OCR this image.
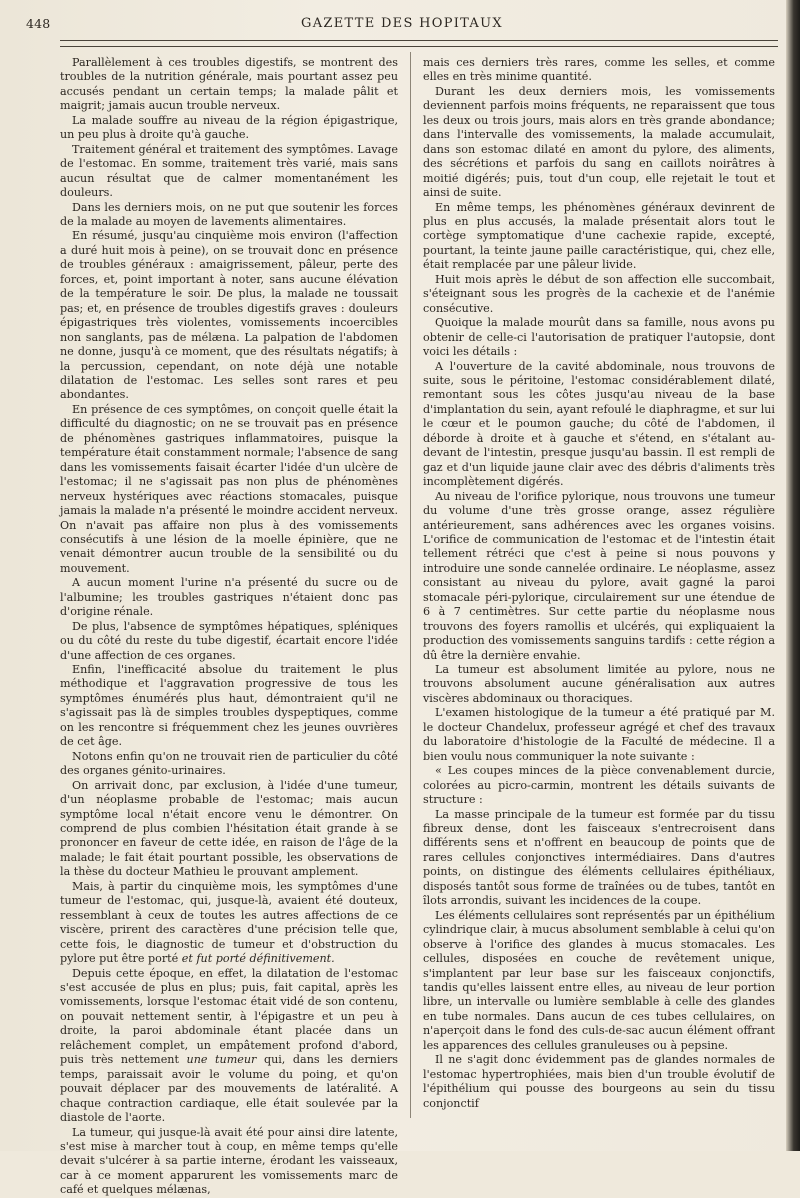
448	GAZETTE DES HOPITAUX

Parallèlement à ces troubles digestifs, se montrent des troubles de la nutrition générale, mais pourtant assez peu accusés pendant un certain temps; la malade pâlit et maigrit; jamais aucun trouble nerveux.

La malade souffre au niveau de la région épigastrique, un peu plus à droite qu'à gauche.

Traitement général et traitement des symptômes. Lavage de l'estomac. En somme, traitement très varié, mais sans aucun résultat que de calmer momentanément les douleurs.

Dans les derniers mois, on ne put que soutenir les forces de la malade au moyen de lavements alimentaires.

En résumé, jusqu'au cinquième mois environ (l'affection a duré huit mois à peine), on se trouvait donc en présence de troubles généraux : amaigrissement, pâleur, perte des forces, et, point important à noter, sans aucune élévation de la température le soir. De plus, la malade ne toussait pas; et, en présence de troubles digestifs graves : douleurs épigastriques très violentes, vomissements incoercibles non sanglants, pas de mélæna. La palpation de l'abdomen ne donne, jusqu'à ce moment, que des résultats négatifs; à la percussion, cependant, on note déjà une notable dilatation de l'estomac. Les selles sont rares et peu abondantes.

En présence de ces symptômes, on conçoit quelle était la difficulté du diagnostic; on ne se trouvait pas en présence de phénomènes gastriques inflammatoires, puisque la température était constamment normale; l'absence de sang dans les vomissements faisait écarter l'idée d'un ulcère de l'estomac; il ne s'agissait pas non plus de phénomènes nerveux hystériques avec réactions stomacales, puisque jamais la malade n'a présenté le moindre accident nerveux. On n'avait pas affaire non plus à des vomissements consécutifs à une lésion de la moelle épinière, que ne venait démontrer aucun trouble de la sensibilité ou du mouvement.

A aucun moment l'urine n'a présenté du sucre ou de l'albumine; les troubles gastriques n'étaient donc pas d'origine rénale.

De plus, l'absence de symptômes hépatiques, spléniques ou du côté du reste du tube digestif, écartait encore l'idée d'une affection de ces organes.

Enfin, l'inefficacité absolue du traitement le plus méthodique et l'aggravation progressive de tous les symptômes énumérés plus haut, démontraient qu'il ne s'agissait pas là de simples troubles dyspeptiques, comme on les rencontre si fréquemment chez les jeunes ouvrières de cet âge.

Notons enfin qu'on ne trouvait rien de particulier du côté des organes génito-urinaires.

On arrivait donc, par exclusion, à l'idée d'une tumeur, d'un néoplasme probable de l'estomac; mais aucun symptôme local n'était encore venu le démontrer. On comprend de plus combien l'hésitation était grande à se prononcer en faveur de cette idée, en raison de l'âge de la malade; le fait était pourtant possible, les observations de la thèse du docteur Mathieu le prouvant amplement.

Mais, à partir du cinquième mois, les symptômes d'une tumeur de l'estomac, qui, jusque-là, avaient été douteux, ressemblant à ceux de toutes les autres affections de ce viscère, prirent des caractères d'une précision telle que, cette fois, le diagnostic de tumeur et d'obstruction du pylore put être porté et fut porté définitivement.

Depuis cette époque, en effet, la dilatation de l'estomac s'est accusée de plus en plus; puis, fait capital, après les vomissements, lorsque l'estomac était vidé de son contenu, on pouvait nettement sentir, à l'épigastre et un peu à droite, la paroi abdominale étant placée dans un relâchement complet, un empâtement profond d'abord, puis très nettement une tumeur qui, dans les derniers temps, paraissait avoir le volume du poing, et qu'on pouvait déplacer par des mouvements de latéralité. A chaque contraction cardiaque, elle était soulevée par la diastole de l'aorte.

La tumeur, qui jusque-là avait été pour ainsi dire latente, s'est mise à marcher tout à coup, en même temps qu'elle devait s'ulcérer à sa partie interne, érodant les vaisseaux, car à ce moment apparurent les vomissements marc de café et quelques mélænas,

mais ces derniers très rares, comme les selles, et comme elles en très minime quantité.

Durant les deux derniers mois, les vomissements deviennent parfois moins fréquents, ne reparaissent que tous les deux ou trois jours, mais alors en très grande abondance; dans l'intervalle des vomissements, la malade accumulait, dans son estomac dilaté en amont du pylore, des aliments, des sécrétions et parfois du sang en caillots noirâtres à moitié digérés; puis, tout d'un coup, elle rejetait le tout et ainsi de suite.

En même temps, les phénomènes généraux devinrent de plus en plus accusés, la malade présentait alors tout le cortège symptomatique d'une cachexie rapide, excepté, pourtant, la teinte jaune paille caractéristique, qui, chez elle, était remplacée par une pâleur livide.

Huit mois après le début de son affection elle succombait, s'éteignant sous les progrès de la cachexie et de l'anémie consécutive.

Quoique la malade mourût dans sa famille, nous avons pu obtenir de celle-ci l'autorisation de pratiquer l'autopsie, dont voici les détails :

A l'ouverture de la cavité abdominale, nous trouvons de suite, sous le péritoine, l'estomac considérablement dilaté, remontant sous les côtes jusqu'au niveau de la base d'implantation du sein, ayant refoulé le diaphragme, et sur lui le cœur et le poumon gauche; du côté de l'abdomen, il déborde à droite et à gauche et s'étend, en s'étalant au-devant de l'intestin, presque jusqu'au bassin. Il est rempli de gaz et d'un liquide jaune clair avec des débris d'aliments très incomplètement digérés.

Au niveau de l'orifice pylorique, nous trouvons une tumeur du volume d'une très grosse orange, assez régulière antérieurement, sans adhérences avec les organes voisins. L'orifice de communication de l'estomac et de l'intestin était tellement rétréci que c'est à peine si nous pouvons y introduire une sonde cannelée ordinaire. Le néoplasme, assez consistant au niveau du pylore, avait gagné la paroi stomacale péri-pylorique, circulairement sur une étendue de 6 à 7 centimètres. Sur cette partie du néoplasme nous trouvons des foyers ramollis et ulcérés, qui expliquaient la production des vomissements sanguins tardifs : cette région a dû être la dernière envahie.

La tumeur est absolument limitée au pylore, nous ne trouvons absolument aucune généralisation aux autres viscères abdominaux ou thoraciques.

L'examen histologique de la tumeur a été pratiqué par M. le docteur Chandelux, professeur agrégé et chef des travaux du laboratoire d'histologie de la Faculté de médecine. Il a bien voulu nous communiquer la note suivante :

« Les coupes minces de la pièce convenablement durcie, colorées au picro-carmin, montrent les détails suivants de structure :

La masse principale de la tumeur est formée par du tissu fibreux dense, dont les faisceaux s'entrecroisent dans différents sens et n'offrent en beaucoup de points que de rares cellules conjonctives intermédiaires. Dans d'autres points, on distingue des éléments cellulaires épithéliaux, disposés tantôt sous forme de traînées ou de tubes, tantôt en îlots arrondis, suivant les incidences de la coupe.

Les éléments cellulaires sont représentés par un épithélium cylindrique clair, à mucus absolument semblable à celui qu'on observe à l'orifice des glandes à mucus stomacales. Les cellules, disposées en couche de revêtement unique, s'implantent par leur base sur les faisceaux conjonctifs, tandis qu'elles laissent entre elles, au niveau de leur portion libre, un intervalle ou lumière semblable à celle des glandes en tube normales. Dans aucun de ces tubes cellulaires, on n'aperçoit dans le fond des culs-de-sac aucun élément offrant les apparences des cellules granuleuses ou à pepsine.

Il ne s'agit donc évidemment pas de glandes normales de l'estomac hypertrophiées, mais bien d'un trouble évolutif de l'épithélium qui pousse des bourgeons au sein du tissu conjonctif
